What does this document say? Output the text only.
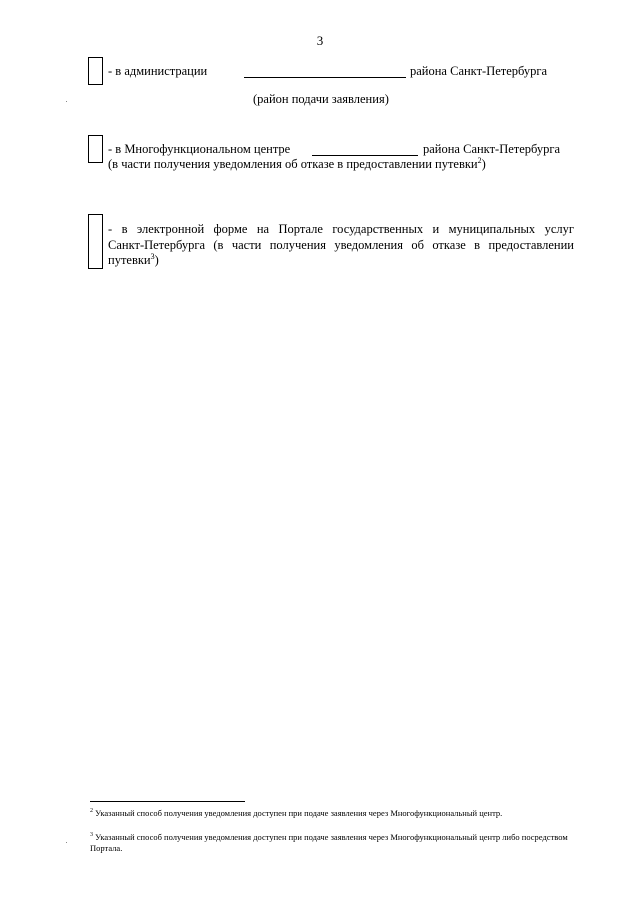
3
- в администрации	района Санкт-Петербурга
(район подачи заявления)
- в Многофункциональном центре	района Санкт-Петербурга
(в части получения уведомления об отказе в предоставлении путевки$^2$)
- в электронной форме на Портале государственных и муниципальных услуг
Санкт-Петербурга (в части получения уведомления об отказе в предоставлении
путевки$^3$)
$^2$ Указанный способ получения уведомления доступен при подаче заявления через Многофункциональный центр.
$^3$ Указанный способ получения уведомления доступен при подаче заявления через Многофункциональный центр либо посредством Портала.
